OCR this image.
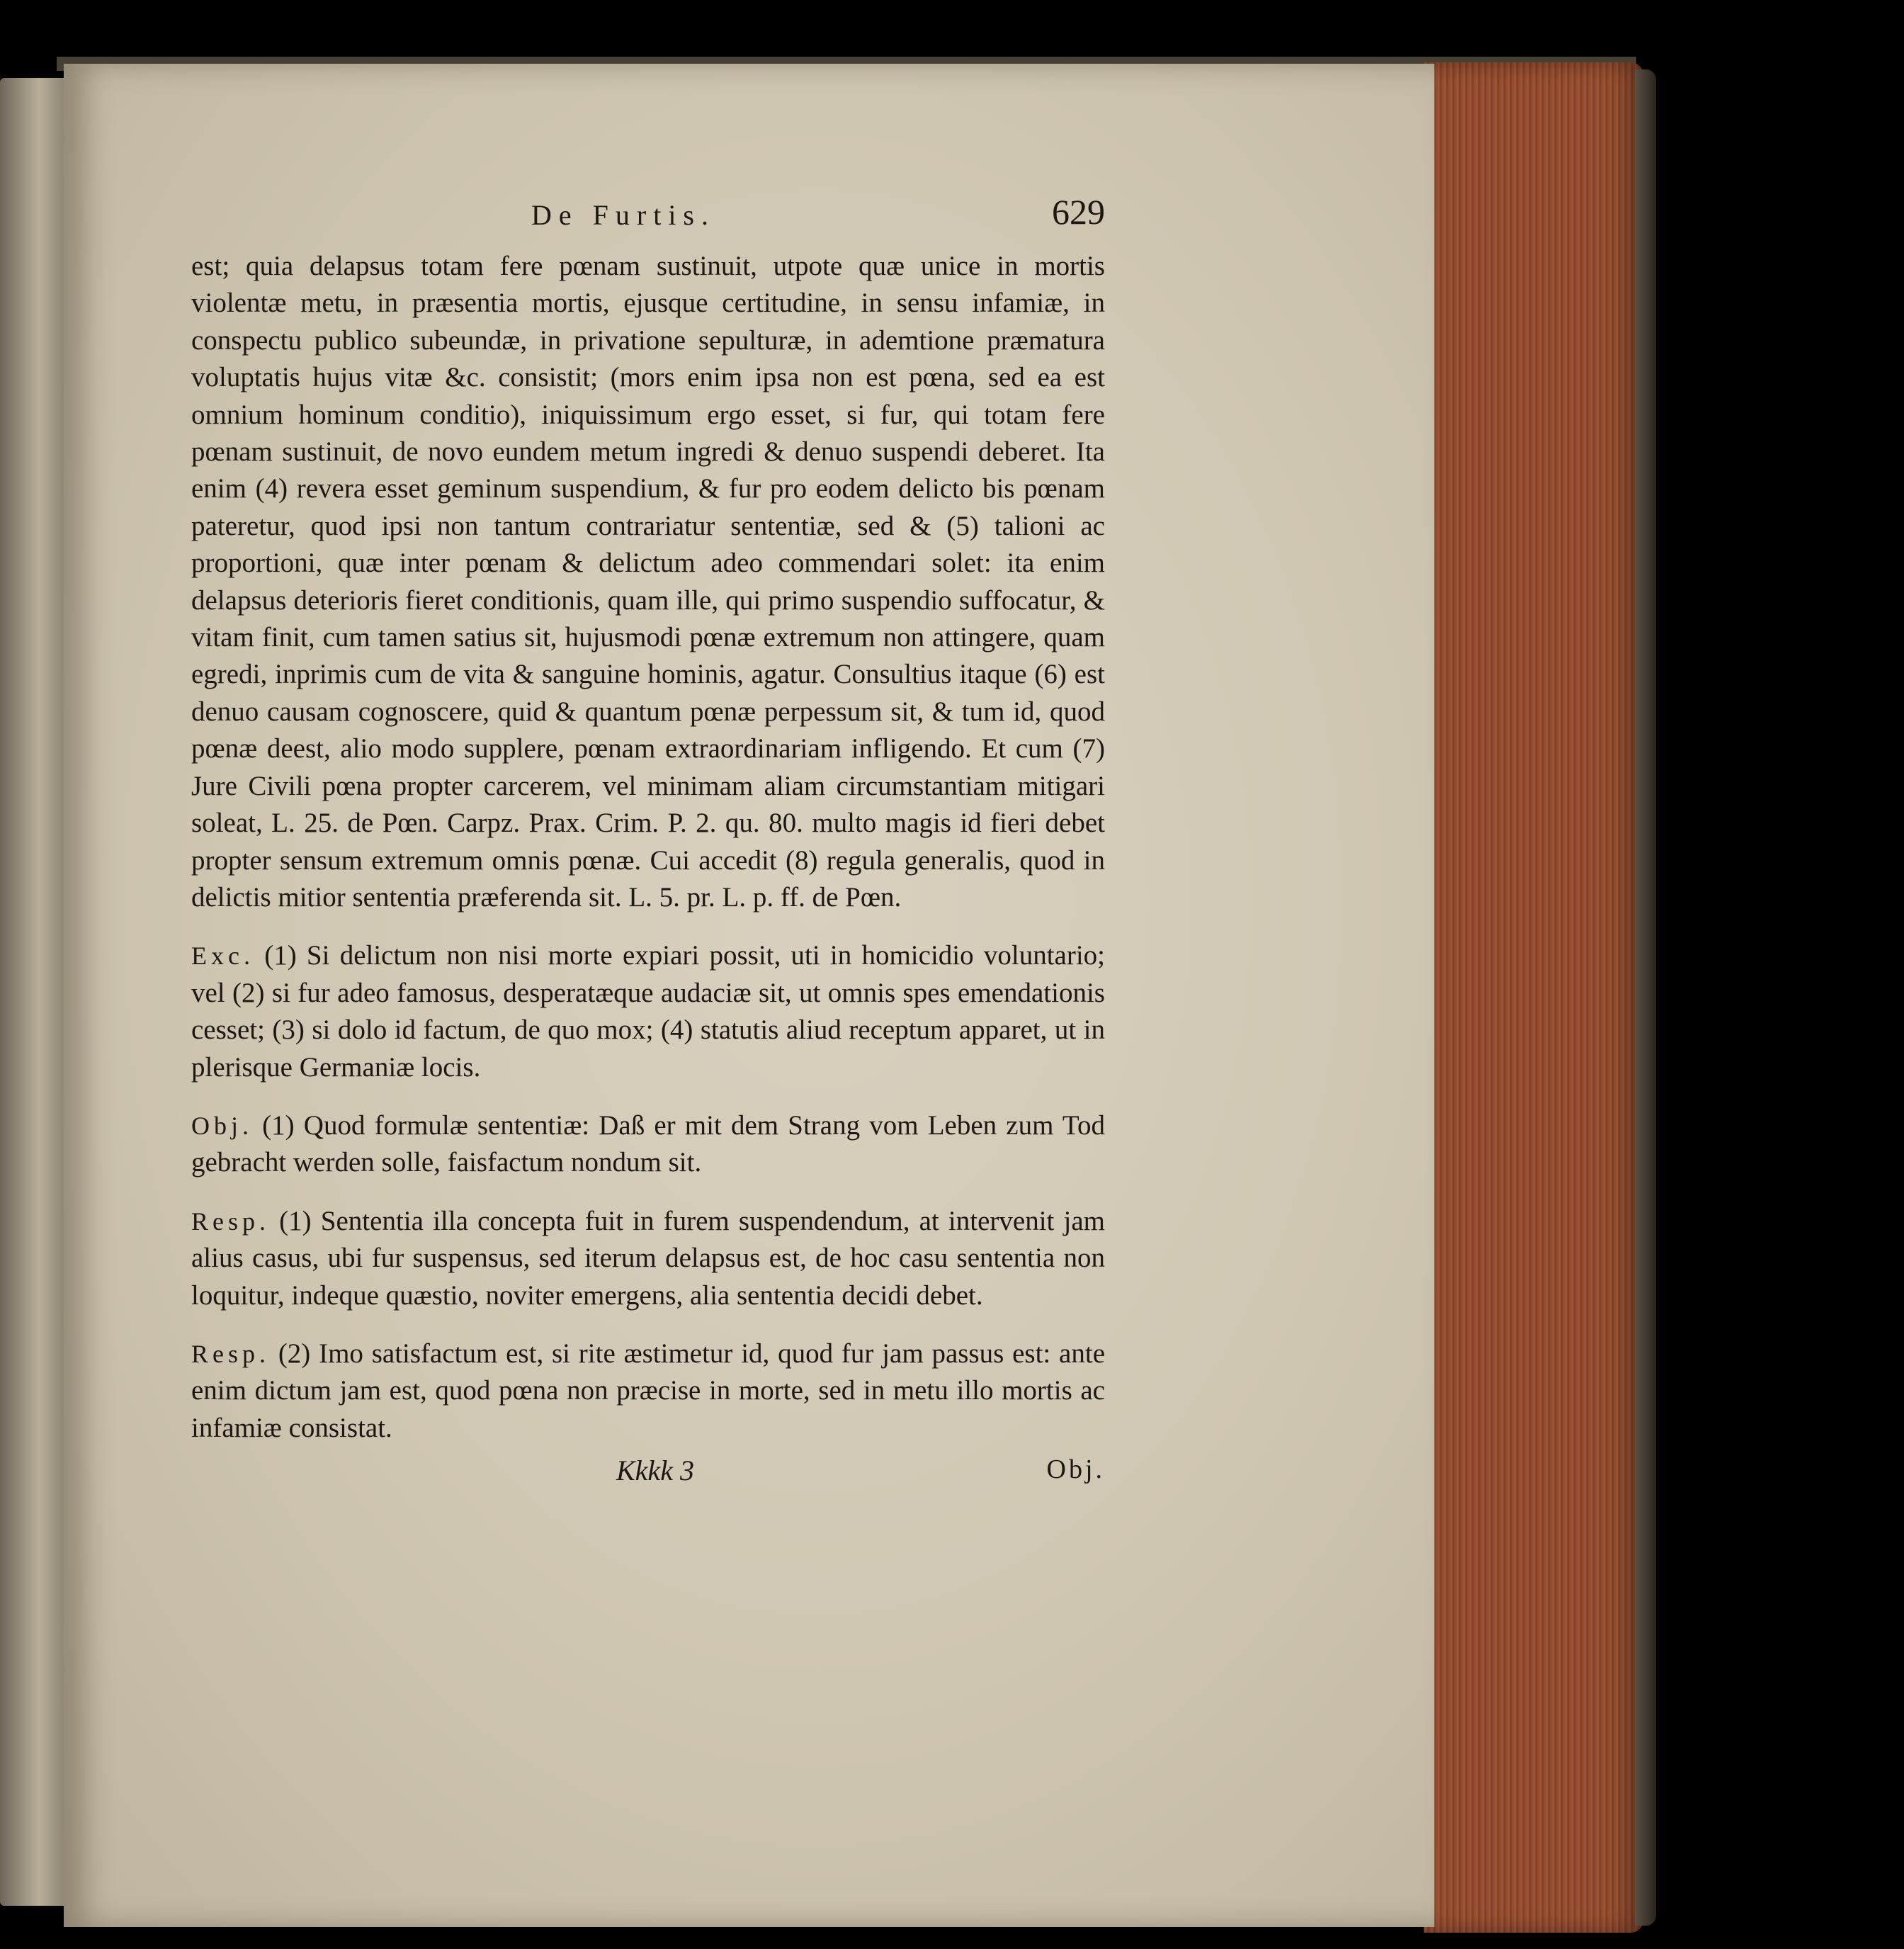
De Furtis.	629

est; quia delapsus totam fere pœnam sustinuit, utpote quæ unice in mortis violentæ metu, in præsentia mortis, ejusque certitudine, in sensu infamiæ, in conspectu publico subeundæ, in privatione sepulturæ, in ademtione præmatura voluptatis hujus vitæ &c. consistit; (mors enim ipsa non est pœna, sed ea est omnium hominum conditio), iniquissimum ergo esset, si fur, qui totam fere pœnam sustinuit, de novo eundem metum ingredi & denuo suspendi deberet. Ita enim (4) revera esset geminum suspendium, & fur pro eodem delicto bis pœnam pateretur, quod ipsi non tantum contrariatur sententiæ, sed & (5) talioni ac proportioni, quæ inter pœnam & delictum adeo commendari solet: ita enim delapsus deterioris fieret conditionis, quam ille, qui primo suspendio suffocatur, & vitam finit, cum tamen satius sit, hujusmodi pœnæ extremum non attingere, quam egredi, inprimis cum de vita & sanguine hominis, agatur. Consultius itaque (6) est denuo causam cognoscere, quid & quantum pœnæ perpessum sit, & tum id, quod pœnæ deest, alio modo supplere, pœnam extraordinariam infligendo. Et cum (7) Jure Civili pœna propter carcerem, vel minimam aliam circumstantiam mitigari soleat, L. 25. de Pœn. Carpz. Prax. Crim. P. 2. qu. 80. multo magis id fieri debet propter sensum extremum omnis pœnæ. Cui accedit (8) regula generalis, quod in delictis mitior sententia præferenda sit. L. 5. pr. L. p. ff. de Pœn.

Exc. (1) Si delictum non nisi morte expiari possit, uti in homicidio voluntario; vel (2) si fur adeo famosus, desperatæque audaciæ sit, ut omnis spes emendationis cesset; (3) si dolo id factum, de quo mox; (4) statutis aliud receptum apparet, ut in plerisque Germaniæ locis.

Obj. (1) Quod formulæ sententiæ: Daß er mit dem Strang vom Leben zum Tod gebracht werden solle, faisfactum nondum sit.

Resp. (1) Sententia illa concepta fuit in furem suspendendum, at intervenit jam alius casus, ubi fur suspensus, sed iterum delapsus est, de hoc casu sententia non loquitur, indeque quæstio, noviter emergens, alia sententia decidi debet.

Resp. (2) Imo satisfactum est, si rite æstimetur id, quod fur jam passus est: ante enim dictum jam est, quod pœna non præcise in morte, sed in metu illo mortis ac infamiæ consistat.

Kkkk 3	Obj.
